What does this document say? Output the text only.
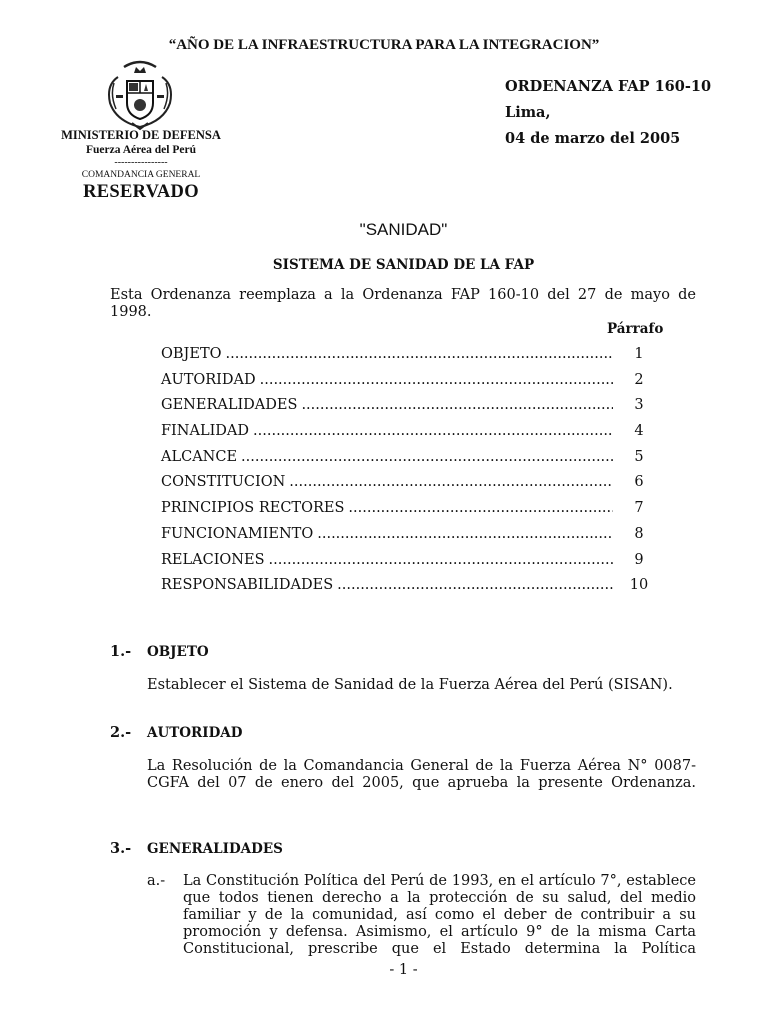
“AÑO DE LA INFRAESTRUCTURA PARA LA INTEGRACION”
MINISTERIO DE DEFENSA
Fuerza Aérea del Perú
----------------
COMANDANCIA GENERAL
RESERVADO
ORDENANZA FAP 160-10
Lima,
04 de marzo del 2005
"SANIDAD"
SISTEMA DE SANIDAD DE LA FAP
Esta Ordenanza reemplaza a la Ordenanza FAP 160-10 del 27 de mayo de 1998.
Párrafo
OBJETO .....	1
AUTORIDAD .....	2
GENERALIDADES .....	3
FINALIDAD .....	4
ALCANCE .....	5
CONSTITUCION .....	6
PRINCIPIOS RECTORES .....	7
FUNCIONAMIENTO .....	8
RELACIONES .....	9
RESPONSABILIDADES .....	10
1.- OBJETO
Establecer el Sistema de Sanidad de la Fuerza Aérea del Perú (SISAN).
2.- AUTORIDAD
La Resolución de la Comandancia General de la Fuerza Aérea N° 0087-CGFA del 07 de enero del 2005, que aprueba la presente Ordenanza.
3.- GENERALIDADES
a.- La Constitución Política del Perú de 1993, en el artículo 7°, establece que todos tienen derecho a la protección de su salud, del medio familiar y de la comunidad, así como el deber de contribuir a su promoción y defensa. Asimismo, el artículo 9° de la misma Carta Constitucional, prescribe que el Estado determina la Política
- 1 -
